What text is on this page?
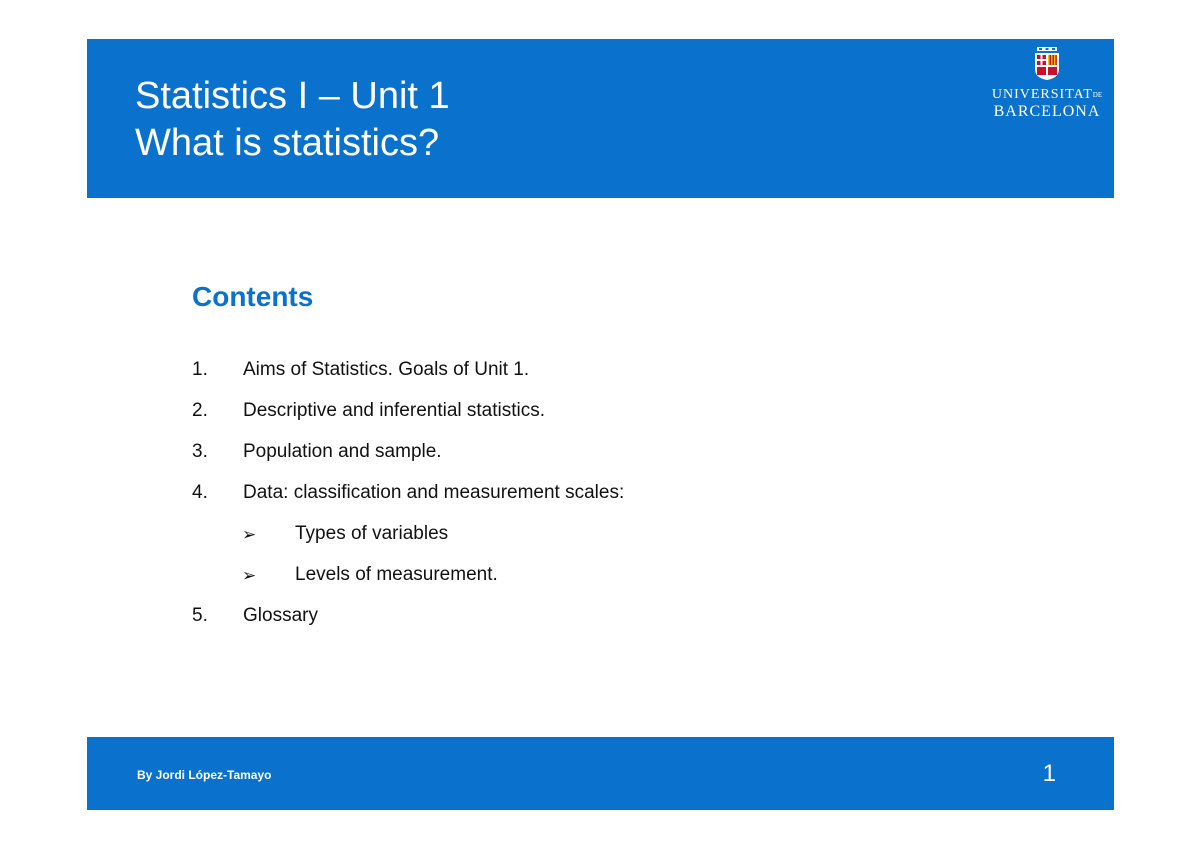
Statistics I – Unit 1
What is statistics?
UNIVERSITATDE
BARCELONA
Contents
1. Aims of Statistics. Goals of Unit 1.
2. Descriptive and inferential statistics.
3. Population and sample.
4. Data: classification and measurement scales:
➢ Types of variables
➢ Levels of measurement.
5. Glossary
By Jordi López-Tamayo	1
